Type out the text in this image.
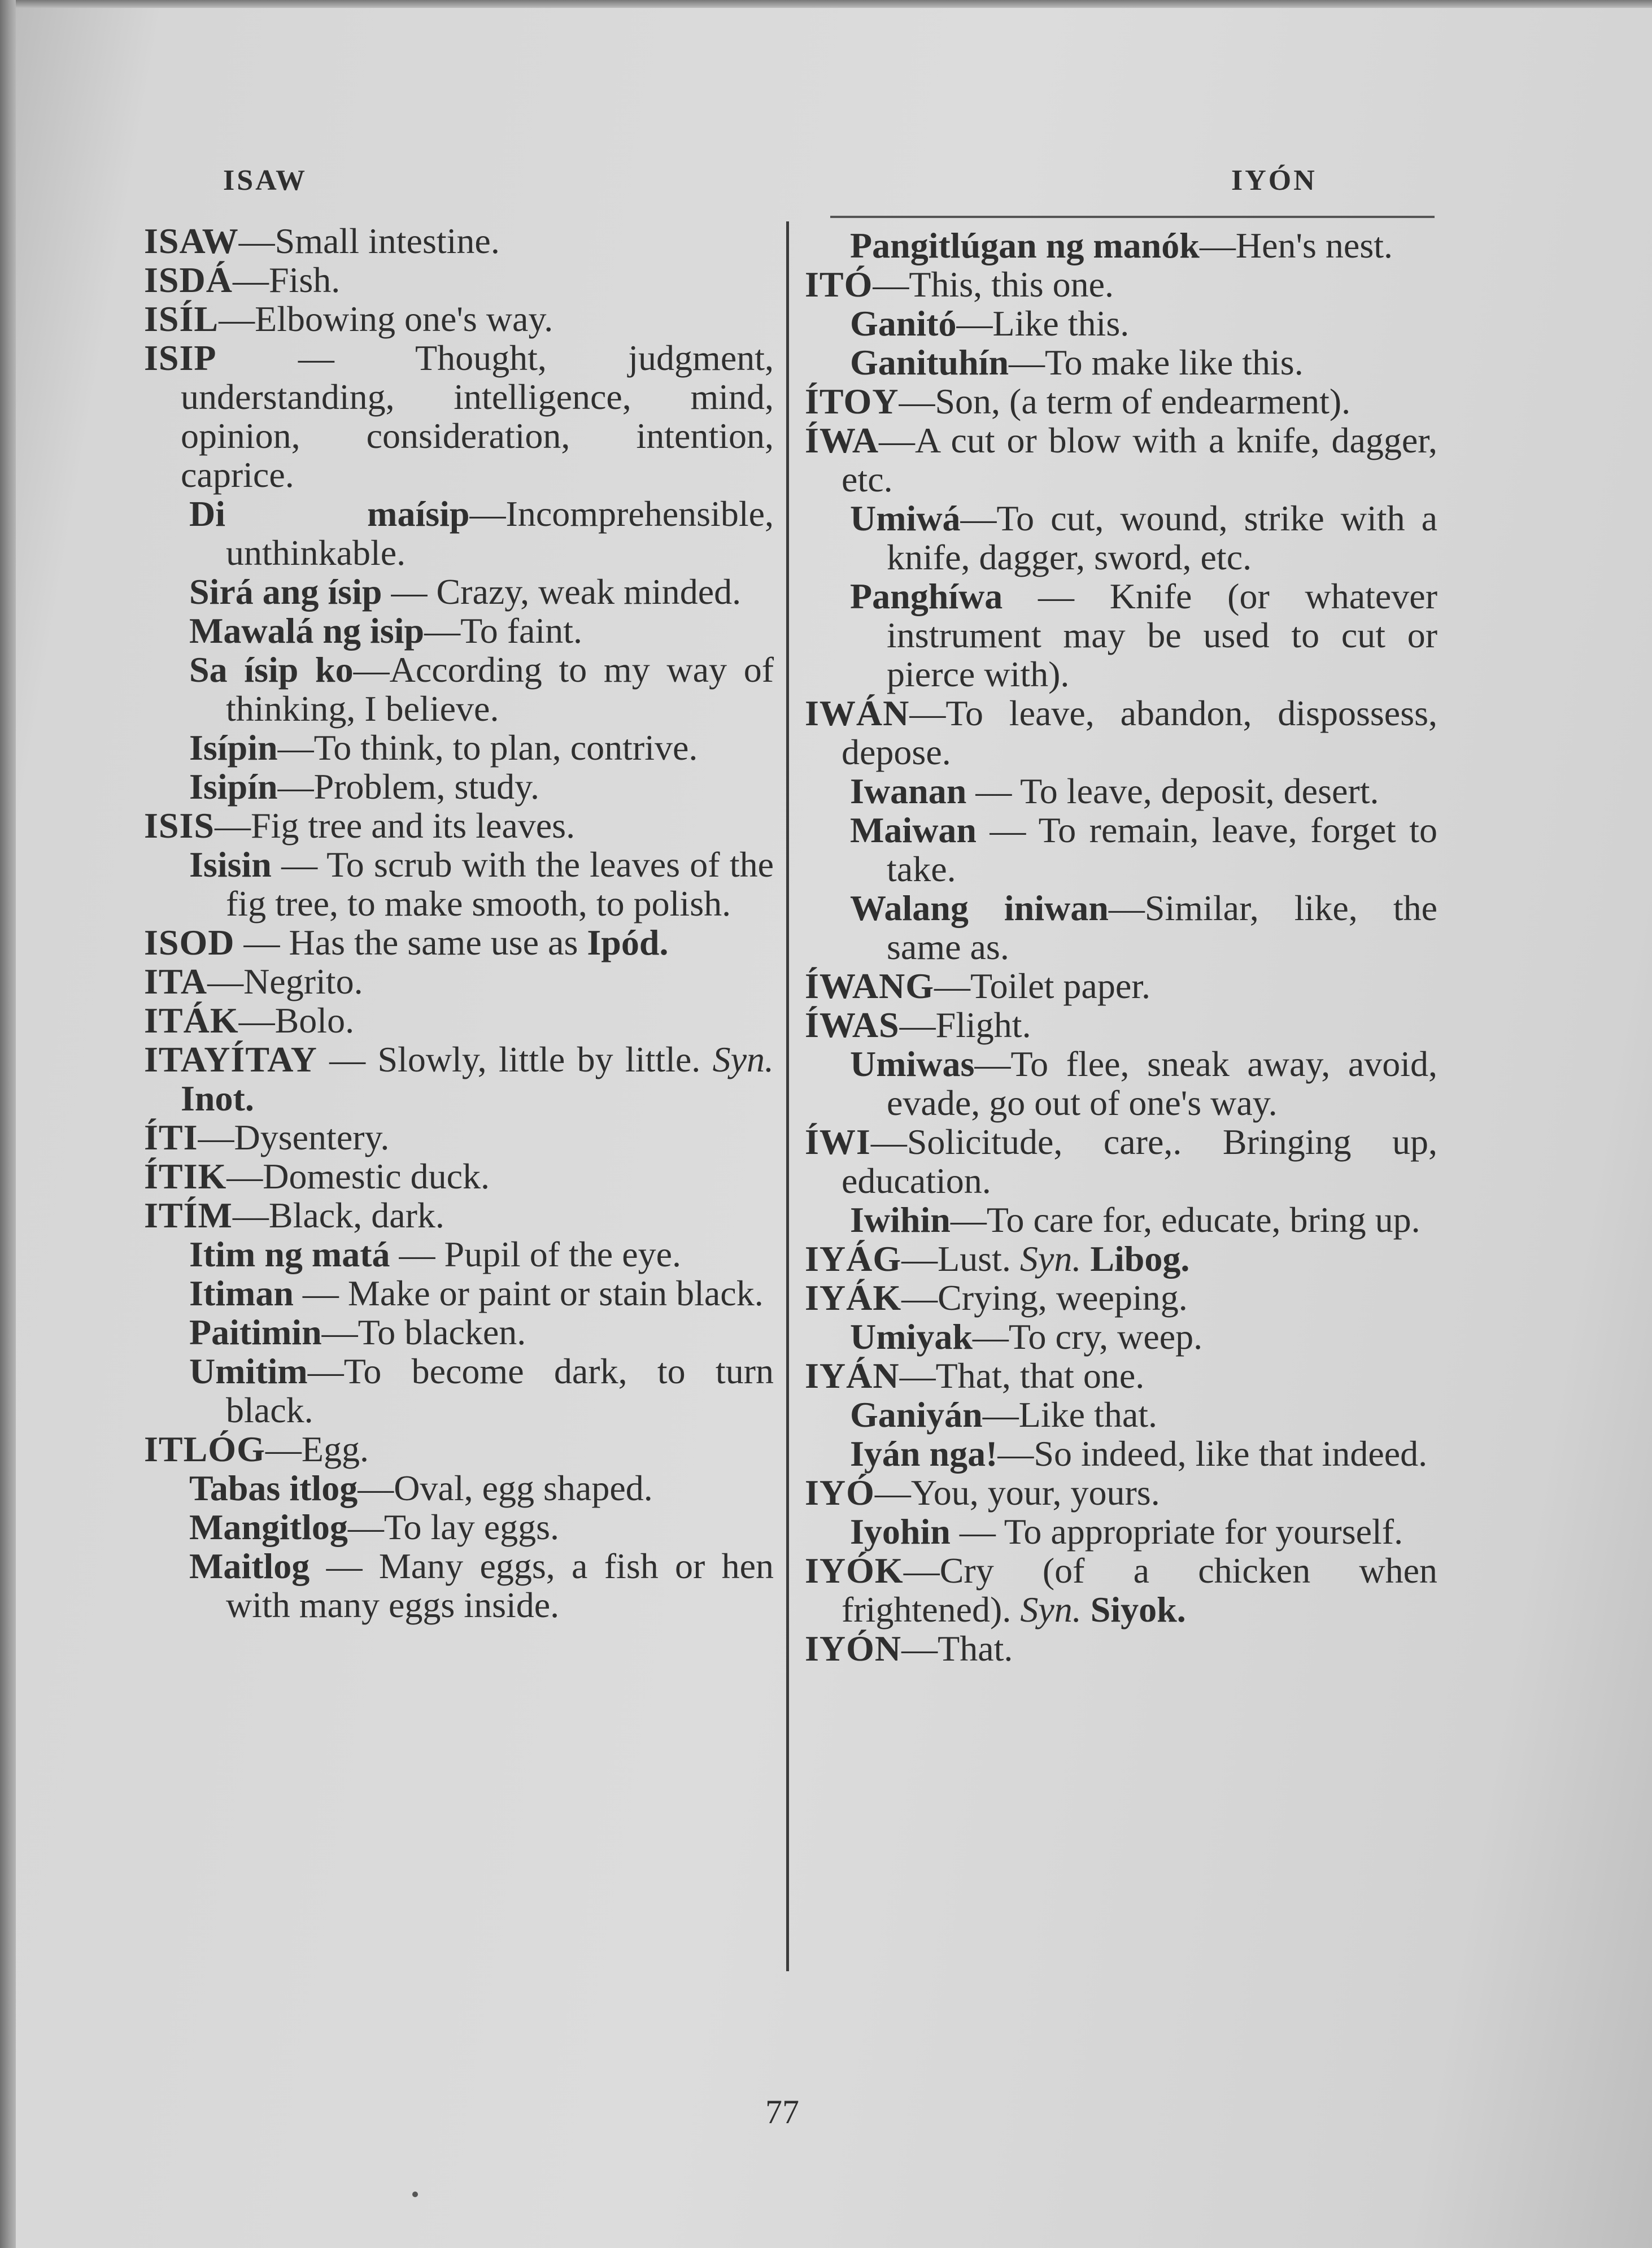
ISAW	IYÓN

ISAW—Small intestine.

ISDÁ—Fish.

ISÍL—Elbowing one's way.

ISIP — Thought, judgment, understanding, intelligence, mind, opinion, consideration, intention, caprice.

Di maísip—Incomprehensible, unthinkable.

Sirá ang ísip — Crazy, weak minded.

Mawalá ng isip—To faint.

Sa ísip ko—According to my way of thinking, I believe.

Isípin—To think, to plan, contrive.

Isipín—Problem, study.

ISIS—Fig tree and its leaves.

Isisin — To scrub with the leaves of the fig tree, to make smooth, to polish.

ISOD — Has the same use as Ipód.

ITA—Negrito.

ITÁK—Bolo.

ITAYÍTAY — Slowly, little by little. Syn. Inot.

ÍTI—Dysentery.

ÍTIK—Domestic duck.

ITÍM—Black, dark.

Itim ng matá — Pupil of the eye.

Itiman — Make or paint or stain black.

Paitimin—To blacken.

Umitim—To become dark, to turn black.

ITLÓG—Egg.

Tabas itlog—Oval, egg shaped.

Mangitlog—To lay eggs.

Maitlog — Many eggs, a fish or hen with many eggs inside.

Pangitlúgan ng manók—Hen's nest.

ITÓ—This, this one.

Ganitó—Like this.

Ganituhín—To make like this.

ÍTOY—Son, (a term of endearment).

ÍWA—A cut or blow with a knife, dagger, etc.

Umiwá—To cut, wound, strike with a knife, dagger, sword, etc.

Panghíwa — Knife (or whatever instrument may be used to cut or pierce with).

IWÁN—To leave, abandon, dispossess, depose.

Iwanan — To leave, deposit, desert.

Maiwan — To remain, leave, forget to take.

Walang iniwan—Similar, like, the same as.

ÍWANG—Toilet paper.

ÍWAS—Flight.

Umiwas—To flee, sneak away, avoid, evade, go out of one's way.

ÍWI—Solicitude, care,. Bringing up, education.

Iwihin—To care for, educate, bring up.

IYÁG—Lust. Syn. Libog.

IYÁK—Crying, weeping.

Umiyak—To cry, weep.

IYÁN—That, that one.

Ganiyán—Like that.

Iyán nga!—So indeed, like that indeed.

IYÓ—You, your, yours.

Iyohin — To appropriate for yourself.

IYÓK—Cry (of a chicken when frightened). Syn. Siyok.

IYÓN—That.

77
